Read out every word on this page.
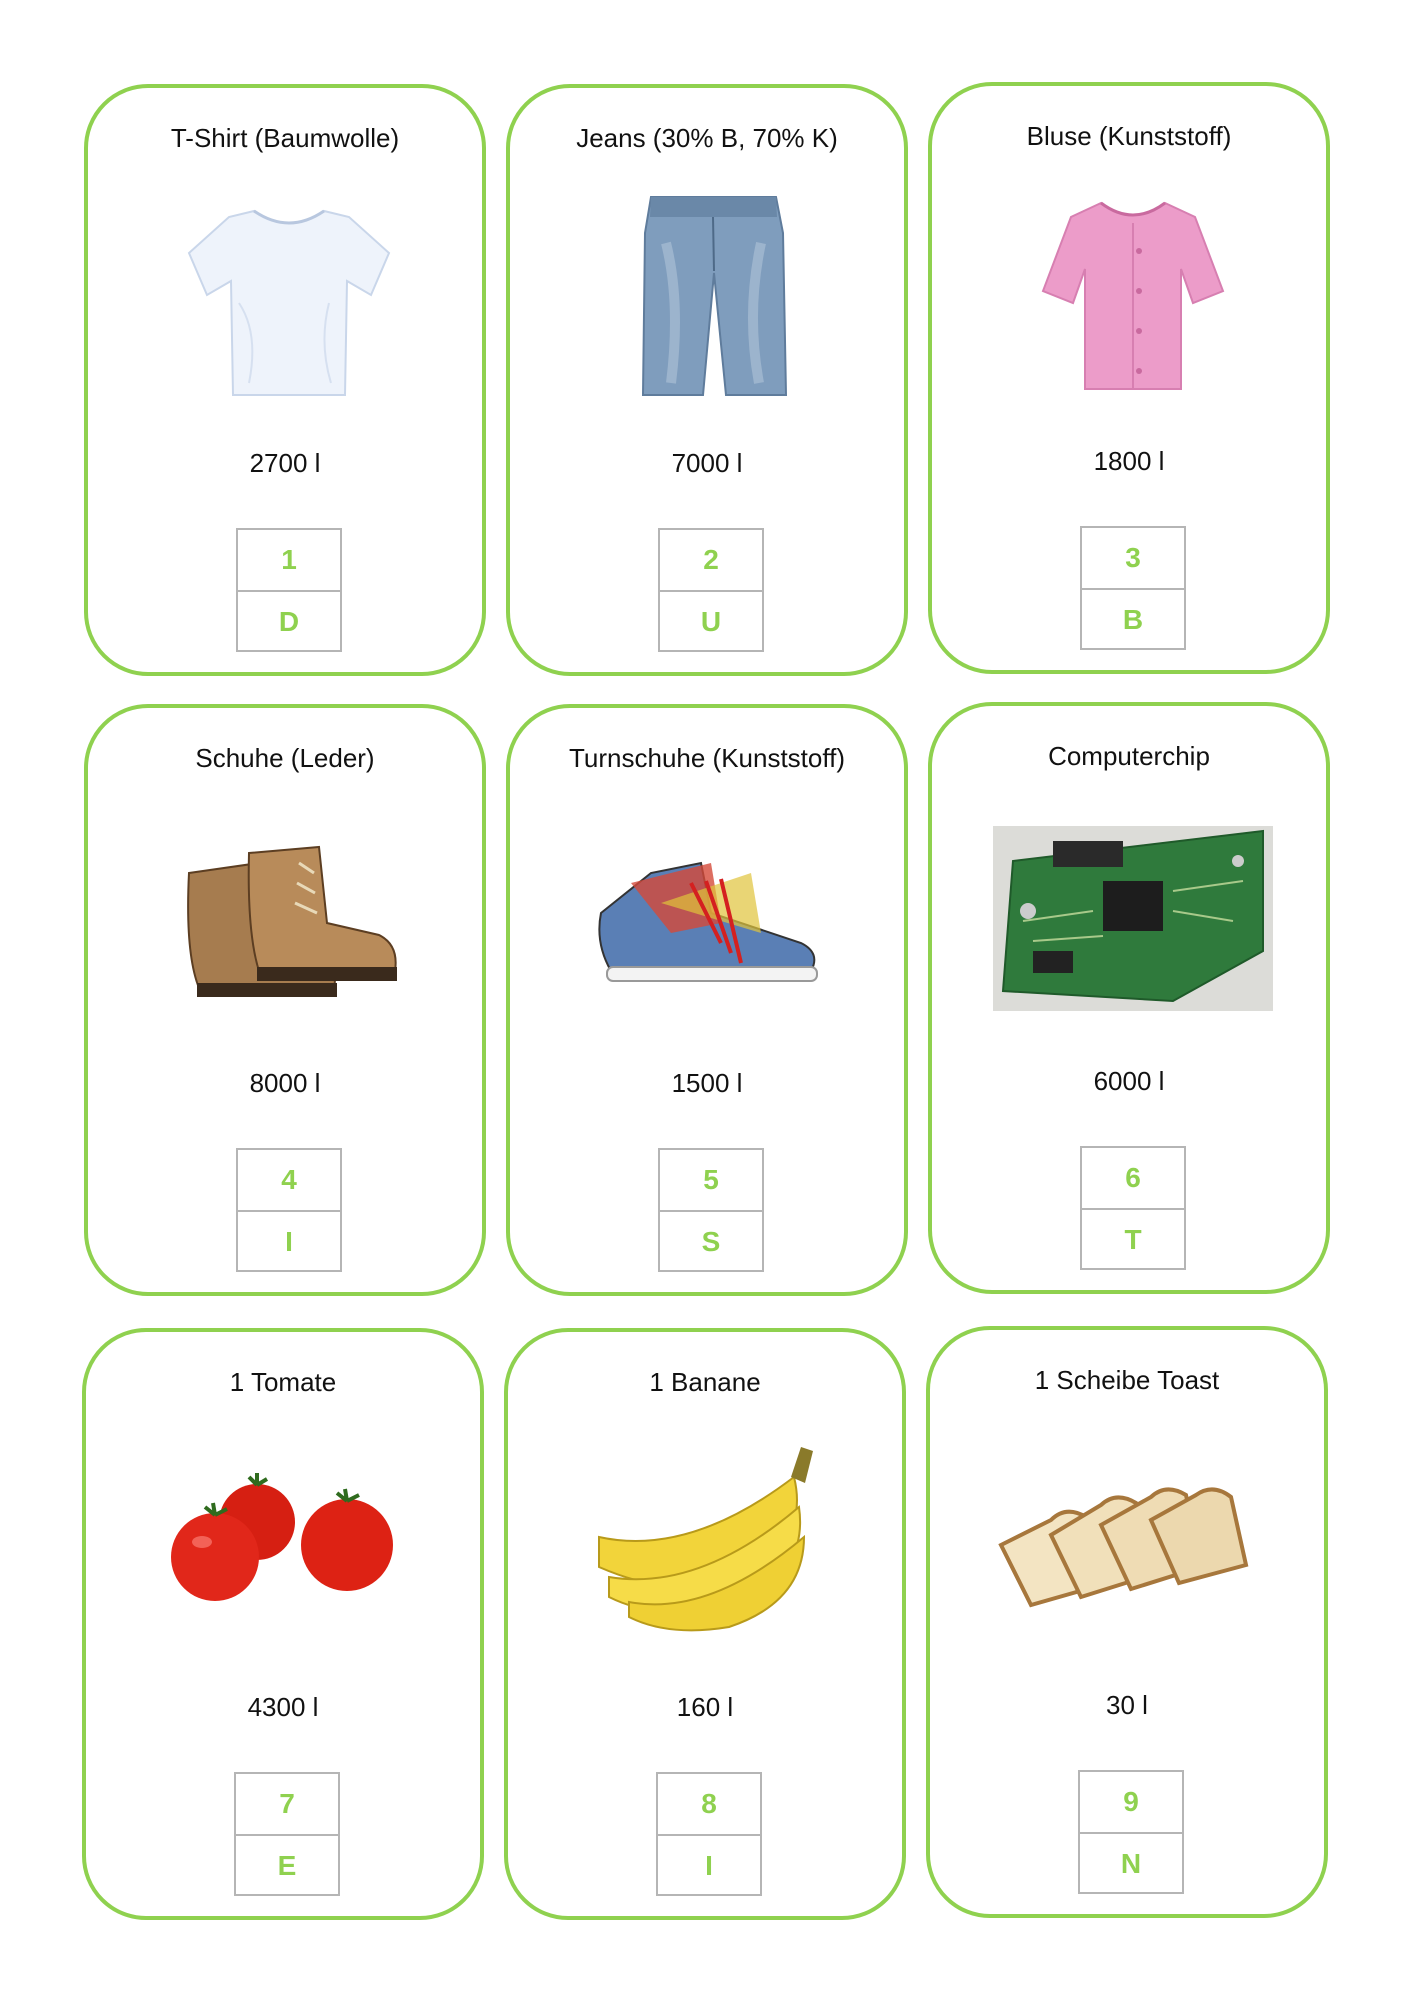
T-Shirt (Baumwolle)
2700 l
1
D
Jeans (30% B, 70% K)
7000 l
2
U
Bluse (Kunststoff)
1800 l
3
B
Schuhe (Leder)
8000 l
4
I
Turnschuhe (Kunststoff)
1500 l
5
S
Computerchip
6000 l
6
T
1 Tomate
4300 l
7
E
1 Banane
160 l
8
I
1 Scheibe Toast
30 l
9
N
